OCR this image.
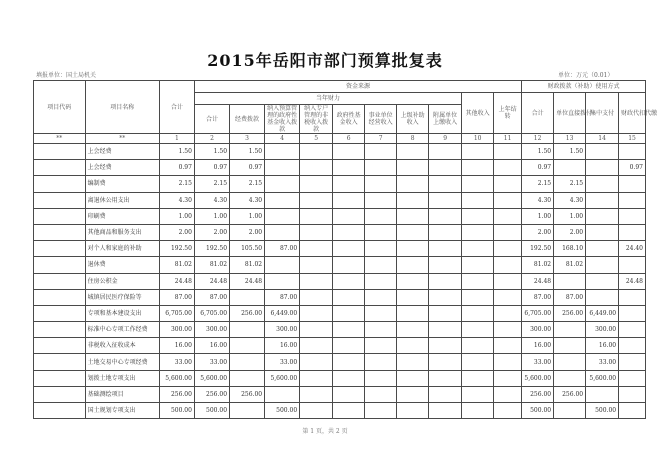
2015年岳阳市部门预算批复表
填报单位：国土局机关	单位：万元（0.01）
项目代码	项目名称	合计	资金来源										财政拨款（补助）使用方式			
			当年财力								其他收入	上年结转	合计	单位直接拨付	集中支付	财政代扣代缴
			合计	经费拨款	纳入预算管理的政府性基金收入拨款	纳入专户管理的非税收入拨款	政府性基金收入	事业单位经营收入	上级补助收入	附属单位上缴收入						
**	**	1	2	3	4	5	6	7	8	9	10	11	12	13	14	15
	上会经费	1.50	1.50	1.50									1.50	1.50		
	上会经费	0.97	0.97	0.97									0.97			0.97
	编制费	2.15	2.15	2.15									2.15	2.15		
	离退休公用支出	4.30	4.30	4.30									4.30	4.30		
	印刷费	1.00	1.00	1.00									1.00	1.00		
	其他商品和服务支出	2.00	2.00	2.00									2.00	2.00		
	对个人和家庭的补助	192.50	192.50	105.50	87.00								192.50	168.10		24.40
	退休费	81.02	81.02	81.02									81.02	81.02		
	住房公积金	24.48	24.48	24.48									24.48			24.48
	城镇居民医疗保险等	87.00	87.00		87.00								87.00	87.00		
	专项和基本建设支出	6,705.00	6,705.00	256.00	6,449.00								6,705.00	256.00	6,449.00	
	标准中心专项工作经费	300.00	300.00		300.00								300.00		300.00	
	非税收入征收成本	16.00	16.00		16.00								16.00		16.00	
	土地交易中心专项经费	33.00	33.00		33.00								33.00		33.00	
	划拨土地专项支出	5,600.00	5,600.00		5,600.00								5,600.00		5,600.00	
	基础测绘项目	256.00	256.00	256.00									256.00	256.00		
	国土规划专项支出	500.00	500.00		500.00								500.00		500.00	
第 1 页，共 2 页
